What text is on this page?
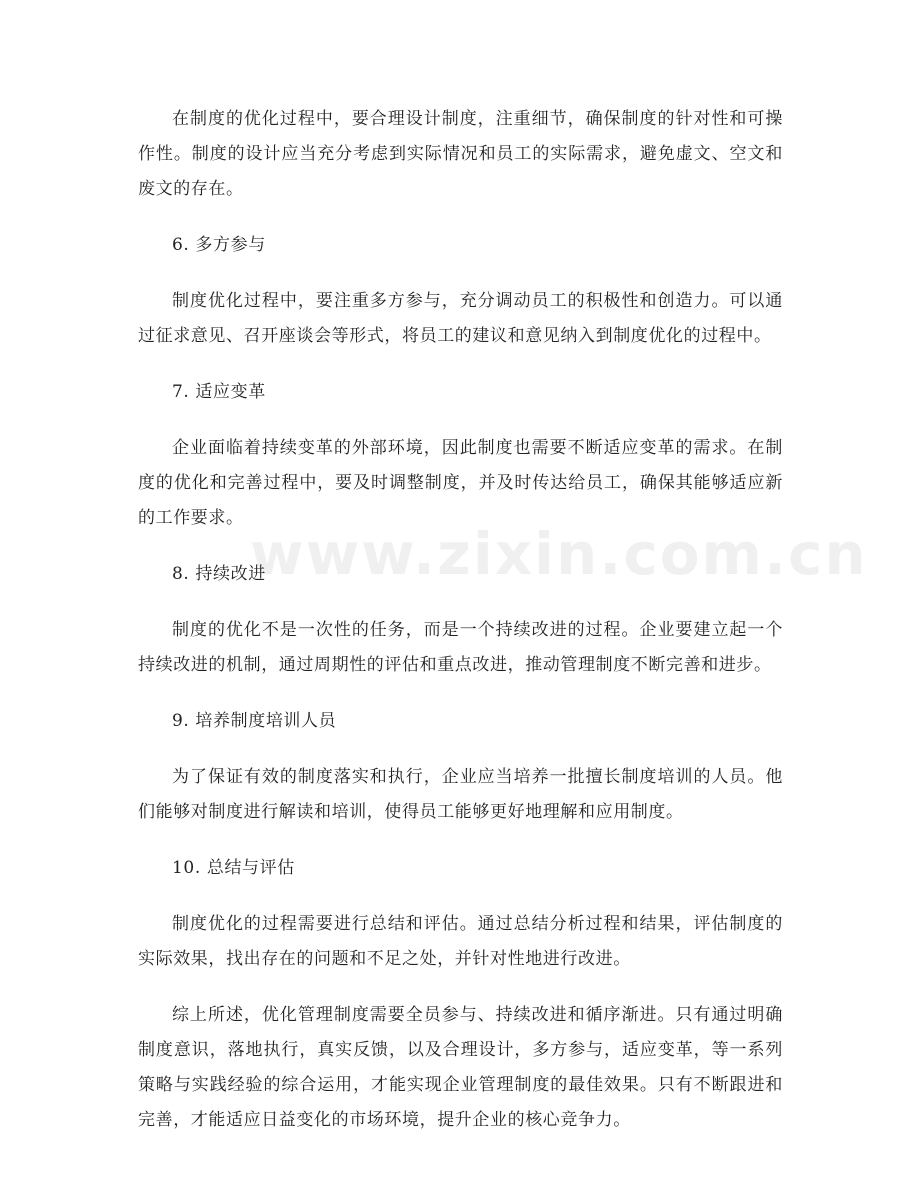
www.zixin.com.cn

在制度的优化过程中，要合理设计制度，注重细节，确保制度的针对性和可操作性。制度的设计应当充分考虑到实际情况和员工的实际需求，避免虚文、空文和废文的存在。

6. 多方参与

制度优化过程中，要注重多方参与，充分调动员工的积极性和创造力。可以通过征求意见、召开座谈会等形式，将员工的建议和意见纳入到制度优化的过程中。

7. 适应变革

企业面临着持续变革的外部环境，因此制度也需要不断适应变革的需求。在制度的优化和完善过程中，要及时调整制度，并及时传达给员工，确保其能够适应新的工作要求。

8. 持续改进

制度的优化不是一次性的任务，而是一个持续改进的过程。企业要建立起一个持续改进的机制，通过周期性的评估和重点改进，推动管理制度不断完善和进步。

9. 培养制度培训人员

为了保证有效的制度落实和执行，企业应当培养一批擅长制度培训的人员。他们能够对制度进行解读和培训，使得员工能够更好地理解和应用制度。

10. 总结与评估

制度优化的过程需要进行总结和评估。通过总结分析过程和结果，评估制度的实际效果，找出存在的问题和不足之处，并针对性地进行改进。

综上所述，优化管理制度需要全员参与、持续改进和循序渐进。只有通过明确制度意识，落地执行，真实反馈，以及合理设计，多方参与，适应变革，等一系列策略与实践经验的综合运用，才能实现企业管理制度的最佳效果。只有不断跟进和完善，才能适应日益变化的市场环境，提升企业的核心竞争力。
